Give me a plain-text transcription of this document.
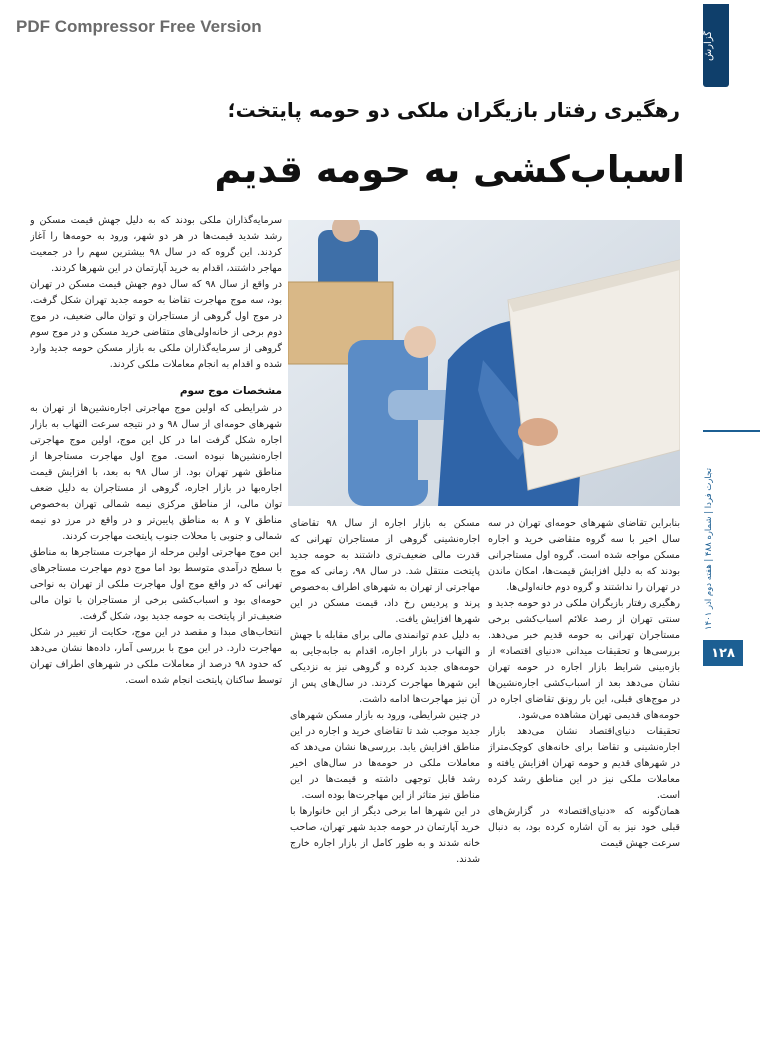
PDF Compressor Free Version
گزارش
تجارت فردا | شماره ۴۸۸ | هفته دوم آذر ۱۴۰۱
۱۲۸
رهگیری رفتار بازیگران ملکی دو حومه پایتخت؛
اسباب‌کشی به حومه قدیم

سرمایه‌گذاران ملکی بودند که به دلیل جهش قیمت مسکن و رشد شدید قیمت‌ها در هر دو شهر، ورود به حومه‌ها را آغاز کردند. این گروه که در سال ۹۸ بیشترین سهم را در جمعیت مهاجر داشتند، اقدام به خرید آپارتمان در این شهرها کردند.

در واقع از سال ۹۸ که سال دوم جهش قیمت مسکن در تهران بود، سه موج مهاجرت تقاضا به حومه جدید تهران شکل گرفت. در موج اول گروهی از مستاجران و توان مالی ضعیف، در موج دوم برخی از خانه‌اولی‌های متقاضی خرید مسکن و در موج سوم گروهی از سرمایه‌گذاران ملکی به بازار مسکن حومه جدید وارد شده و اقدام به انجام معاملات ملکی کردند.

مشخصات موج سوم

در شرایطی که اولین موج مهاجرتی اجاره‌نشین‌ها از تهران به شهرهای حومه‌ای از سال ۹۸ و در نتیجه سرعت التهاب به بازار اجاره شکل گرفت اما در کل این موج، اولین موج مهاجرتی اجاره‌نشین‌ها نبوده است. موج اول مهاجرت مستاجرها از مناطق شهر تهران بود. از سال ۹۸ به بعد، با افزایش قیمت اجاره‌بها در بازار اجاره، گروهی از مستاجران به دلیل ضعف توان مالی، از مناطق مرکزی نیمه شمالی تهران به‌خصوص مناطق ۷ و ۸ به مناطق پایین‌تر و در واقع در مرز دو نیمه شمالی و جنوبی یا محلات جنوب پایتخت مهاجرت کردند.

این موج مهاجرتی اولین مرحله از مهاجرت مستاجرها به مناطق با سطح درآمدی متوسط بود اما موج دوم مهاجرت مستاجرهای تهرانی که در واقع موج اول مهاجرت ملکی از تهران به نواحی حومه‌ای بود و اسباب‌کشی برخی از مستاجران با توان مالی ضعیف‌تر از پایتخت به حومه جدید بود، شکل گرفت.

انتخاب‌های مبدا و مقصد در این موج، حکایت از تغییر در شکل مهاجرت دارد. در این موج با بررسی آمار، داده‌ها نشان می‌دهد که حدود ۹۸ درصد از معاملات ملکی در شهرهای اطراف تهران توسط ساکنان پایتخت انجام شده است.

مسکن به بازار اجاره از سال ۹۸ تقاضای اجاره‌نشینی گروهی از مستاجران تهرانی که قدرت مالی ضعیف‌تری داشتند به حومه جدید پایتخت منتقل شد. در سال ۹۸، زمانی که موج مهاجرتی از تهران به شهرهای اطراف به‌خصوص پرند و پردیس رخ داد، قیمت مسکن در این شهرها افزایش یافت.

به دلیل عدم توانمندی مالی برای مقابله با جهش و التهاب در بازار اجاره، اقدام به جابه‌جایی به حومه‌های جدید کرده و گروهی نیز به نزدیکی این شهرها مهاجرت کردند. در سال‌های پس از آن نیز مهاجرت‌ها ادامه داشت.

در چنین شرایطی، ورود به بازار مسکن شهرهای جدید موجب شد تا تقاضای خرید و اجاره در این مناطق افزایش یابد. بررسی‌ها نشان می‌دهد که معاملات ملکی در حومه‌ها در سال‌های اخیر رشد قابل توجهی داشته و قیمت‌ها در این مناطق نیز متاثر از این مهاجرت‌ها بوده است.

در این شهرها اما برخی دیگر از این خانوارها با خرید آپارتمان در حومه جدید شهر تهران، صاحب خانه شدند و به طور کامل از بازار اجاره خارج شدند.

بنابراین تقاضای شهرهای حومه‌ای تهران در سه سال اخیر با سه گروه متقاضی خرید و اجاره مسکن مواجه شده است. گروه اول مستاجرانی بودند که به دلیل افزایش قیمت‌ها، امکان ماندن در تهران را نداشتند و گروه دوم خانه‌اولی‌ها.

رهگیری رفتار بازیگران ملکی در دو حومه جدید و سنتی تهران از رصد علائم اسباب‌کشی برخی مستاجران تهرانی به حومه قدیم خبر می‌دهد. بررسی‌ها و تحقیقات میدانی «دنیای اقتصاد» از بازه‌بینی شرایط بازار اجاره در حومه تهران نشان می‌دهد بعد از اسباب‌کشی اجاره‌نشین‌ها در موج‌های قبلی، این بار رونق تقاضای اجاره در حومه‌های قدیمی تهران مشاهده می‌شود.

تحقیقات دنیای‌اقتصاد نشان می‌دهد بازار اجاره‌نشینی و تقاضا برای خانه‌های کوچک‌متراژ در شهرهای قدیم و حومه تهران افزایش یافته و معاملات ملکی نیز در این مناطق رشد کرده است.

همان‌گونه که «دنیای‌اقتصاد» در گزارش‌های قبلی خود نیز به آن اشاره کرده بود، به دنبال سرعت جهش قیمت
